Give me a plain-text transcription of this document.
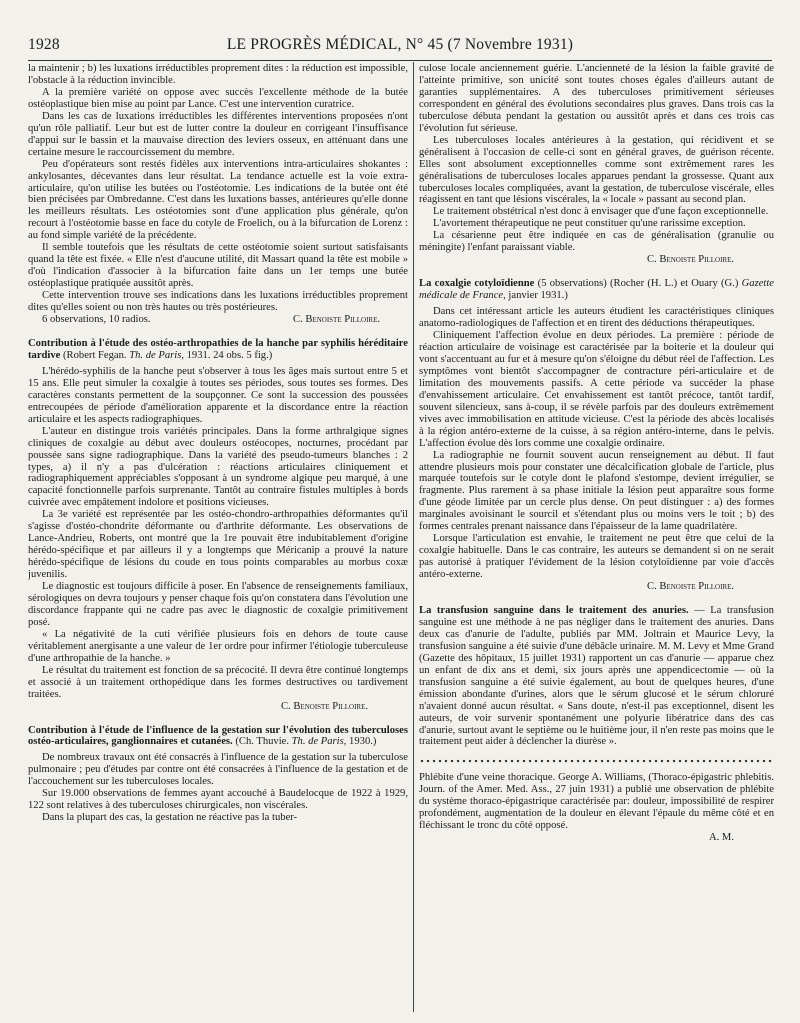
1928	LE PROGRÈS MÉDICAL, N° 45 (7 Novembre 1931)

la maintenir ; b) les luxations irréductibles proprement dites : la réduction est impossible, l'obstacle à la réduction invincible.

A la première variété on oppose avec succès l'excellente méthode de la butée ostéoplastique bien mise au point par Lance. C'est une intervention curatrice.

Dans les cas de luxations irréductibles les différentes interventions proposées n'ont qu'un rôle palliatif. Leur but est de lutter contre la douleur en corrigeant l'insuffisance d'appui sur le bassin et la mauvaise direction des leviers osseux, en atténuant dans une certaine mesure le raccourcissement du membre.

Peu d'opérateurs sont restés fidèles aux interventions intra-articulaires shokantes : ankylosantes, décevantes dans leur résultat. La tendance actuelle est la voie extra-articulaire, qu'on utilise les butées ou l'ostéotomie. Les indications de la butée ont été bien précisées par Ombredanne. C'est dans les luxations basses, antérieures qu'elle donne les meilleurs résultats. Les ostéotomies sont d'une application plus générale, qu'on recourt à l'ostéotomie basse en face du cotyle de Froelich, ou à la bifurcation de Lorenz : au fond simple variété de la précédente.

Il semble toutefois que les résultats de cette ostéotomie soient surtout satisfaisants quand la tête est fixée. « Elle n'est d'aucune utilité, dit Massart quand la tête est mobile » d'où l'indication d'associer à la bifurcation faite dans un 1er temps une butée ostéoplastique pratiquée aussitôt après.

Cette intervention trouve ses indications dans les luxations irréductibles proprement dites qu'elles soient ou non très hautes ou très postérieures.

6 observations, 10 radios.	C. Benoiste Pilloire.

Contribution à l'étude des ostéo-arthropathies de la hanche par syphilis héréditaire tardive (Robert Fegan. Th. de Paris, 1931. 24 obs. 5 fig.)

L'hérédo-syphilis de la hanche peut s'observer à tous les âges mais surtout entre 5 et 15 ans. Elle peut simuler la coxalgie à toutes ses périodes, sous toutes ses formes. Des caractères constants permettent de la soupçonner. Ce sont la succession des poussées entrecoupées de période d'amélioration apparente et la discordance entre la réaction articulaire et les aspects radiographiques.

L'auteur en distingue trois variétés principales. Dans la forme arthralgique signes cliniques de coxalgie au début avec douleurs ostéocopes, nocturnes, procédant par poussée sans signe radiographique. Dans la variété des pseudo-tumeurs blanches : 2 types, a) il n'y a pas d'ulcération : réactions articulaires cliniquement et radiographiquement appréciables s'opposant à un syndrome algique peu marqué, à une capacité fonctionnelle parfois surprenante. Tantôt au contraire fistules multiples à bords cuivrée avec empâtement indolore et positions vicieuses.

La 3e variété est représentée par les ostéo-chondro-arthropathies déformantes qu'il s'agisse d'ostéo-chondrite déformante ou d'arthrite déformante. Les observations de Lance-Andrieu, Roberts, ont montré que la 1re pouvait être indubitablement d'origine hérédo-spécifique et par ailleurs il y a longtemps que Méricanip a prouvé la nature hérédo-spécifique de lésions du coude en tous points comparables au morbus coxæ juvenilis.

Le diagnostic est toujours difficile à poser. En l'absence de renseignements familiaux, sérologiques on devra toujours y penser chaque fois qu'on constatera dans l'évolution une discordance frappante qui ne cadre pas avec le diagnostic de coxalgie primitivement posé.

« La négativité de la cuti vérifiée plusieurs fois en dehors de toute cause véritablement anergisante a une valeur de 1er ordre pour infirmer l'étiologie tuberculeuse d'une arthropathie de la hanche. »

Le résultat du traitement est fonction de sa précocité. Il devra être continué longtemps et associé à un traitement orthopédique dans les formes destructives ou tardivement traitées.

C. Benoiste Pilloire.

Contribution à l'étude de l'influence de la gestation sur l'évolution des tuberculoses ostéo-articulaires, ganglionnaires et cutanées. (Ch. Thuvie. Th. de Paris, 1930.)

De nombreux travaux ont été consacrés à l'influence de la gestation sur la tuberculose pulmonaire ; peu d'études par contre ont été consacrées à l'influence de la gestation et de l'accouchement sur les tuberculoses locales.

Sur 19.000 observations de femmes ayant accouché à Baudelocque de 1922 à 1929, 122 sont relatives à des tuberculoses chirurgicales, non viscérales.

Dans la plupart des cas, la gestation ne réactive pas la tuber-

culose locale anciennement guérie. L'ancienneté de la lésion la faible gravité de l'atteinte primitive, son unicité sont toutes choses égales d'ailleurs autant de garanties supplémentaires. A des tuberculoses primitivement sérieuses correspondent en général des évolutions secondaires plus graves. Dans trois cas la tuberculose débuta pendant la gestation ou aussitôt après et dans ces trois cas l'évolution fut sérieuse.

Les tuberculoses locales antérieures à la gestation, qui récidivent et se généralisent à l'occasion de celle-ci sont en général graves, de guérison récente. Elles sont absolument exceptionnelles comme sont extrêmement rares les généralisations de tuberculoses locales apparues pendant la grossesse. Quant aux tuberculoses locales compliquées, avant la gestation, de tuberculose viscérale, elles réagissent en tant que lésions viscérales, la « locale » passant au second plan.

Le traitement obstétrical n'est donc à envisager que d'une façon exceptionnelle.

L'avortement thérapeutique ne peut constituer qu'une rarissime exception.

La césarienne peut être indiquée en cas de généralisation (granulie ou méningite) l'enfant paraissant viable.

C. Benoiste Pilloire.

La coxalgie cotyloïdienne (5 observations) (Rocher (H. L.) et Ouary (G.) Gazette médicale de France, janvier 1931.)

Dans cet intéressant article les auteurs étudient les caractéristiques cliniques anatomo-radiologiques de l'affection et en tirent des déductions thérapeutiques.

Cliniquement l'affection évolue en deux périodes. La première : période de réaction articulaire de voisinage est caractérisée par la boiterie et la douleur qui vont s'accentuant au fur et à mesure qu'on s'éloigne du début réel de l'affection. Les symptômes vont bientôt s'accompagner de contracture péri-articulaire et de limitation des mouvements passifs. A cette période va succéder la phase d'envahissement articulaire. Cet envahissement est tantôt précoce, tantôt tardif, souvent silencieux, sans à-coup, il se révèle parfois par des douleurs extrêmement vives avec immobilisation en attitude vicieuse. C'est la période des abcès localisés à la région antéro-externe de la cuisse, à sa région antéro-interne, dans le pelvis. L'affection évolue dès lors comme une coxalgie ordinaire.

La radiographie ne fournit souvent aucun renseignement au début. Il faut attendre plusieurs mois pour constater une décalcification globale de l'article, plus marquée toutefois sur le cotyle dont le plafond s'estompe, devient irrégulier, se fragmente. Plus rarement à sa phase initiale la lésion peut apparaître sous forme d'une géode limitée par un cercle plus dense. On peut distinguer : a) des formes marginales avoisinant le sourcil et s'étendant plus ou moins vers le toit ; b) des formes centrales prenant naissance dans l'épaisseur de la lame quadrilatère.

Lorsque l'articulation est envahie, le traitement ne peut être que celui de la coxalgie habituelle. Dans le cas contraire, les auteurs se demandent si on ne serait pas autorisé à pratiquer l'évidement de la lésion cotyloïdienne par voie d'accès antéro-externe.

C. Benoiste Pilloire.

La transfusion sanguine dans le traitement des anuries. — La transfusion sanguine est une méthode à ne pas négliger dans le traitement des anuries. Dans deux cas d'anurie de l'adulte, publiés par MM. Joltrain et Maurice Levy, la transfusion sanguine a été suivie d'une débâcle urinaire. M. M. Levy et Mme Grand (Gazette des hôpitaux, 15 juillet 1931) rapportent un cas d'anurie — apparue chez un enfant de dix ans et demi, six jours après une appendicectomie — où la transfusion sanguine a été suivie également, au bout de quelques heures, d'une émission abondante d'urines, alors que le sérum glucosé et le sérum chloruré n'avaient donné aucun résultat. « Sans doute, n'est-il pas exceptionnel, disent les auteurs, de voir survenir spontanément une polyurie libératrice dans des cas d'anurie, surtout avant le septième ou le huitième jour, il n'en reste pas moins que le traitement peut aider à déclencher la diurèse ».

Phlébite d'une veine thoracique. George A. Williams, (Thoraco-épigastric phlebitis. Journ. of the Amer. Med. Ass., 27 juin 1931) a publié une observation de phlébite du système thoraco-épigastrique caractérisée par: douleur, impossibilité de respirer profondément, augmentation de la douleur en élevant l'épaule du même côté et en fléchissant le tronc du côté opposé.

A. M.
